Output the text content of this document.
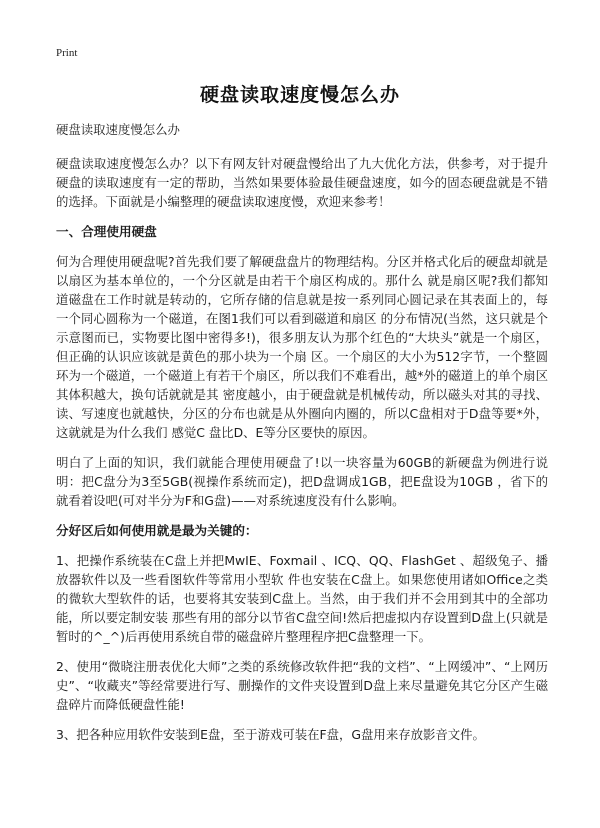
Print
硬盘读取速度慢怎么办

硬盘读取速度慢怎么办

硬盘读取速度慢怎么办？以下有网友针对硬盘慢给出了九大优化方法，供参考，对于提升硬盘的读取速度有一定的帮助，当然如果要体验最佳硬盘速度，如今的固态硬盘就是不错的选择。下面就是小编整理的硬盘读取速度慢，欢迎来参考！

一、合理使用硬盘

何为合理使用硬盘呢?首先我们要了解硬盘盘片的物理结构。分区并格式化后的硬盘却就是以扇区为基本单位的，一个分区就是由若干个扇区构成的。那什么 就是扇区呢?我们都知道磁盘在工作时就是转动的，它所存储的信息就是按一系列同心圆记录在其表面上的，每一个同心圆称为一个磁道，在图1我们可以看到磁道和扇区 的分布情况(当然，这只就是个示意图而已，实物要比图中密得多!)，很多朋友认为那个红色的“大块头”就是一个扇区，但正确的认识应该就是黄色的那小块为一个扇 区。一个扇区的大小为512字节，一个整圆环为一个磁道，一个磁道上有若干个扇区，所以我们不难看出，越*外的磁道上的单个扇区其体积越大，换句话就就是其 密度越小，由于硬盘就是机械传动，所以磁头对其的寻找、读、写速度也就越快，分区的分布也就是从外圈向内圈的，所以C盘相对于D盘等要*外，这就就是为什么我们 感觉C 盘比D、E等分区要快的原因。

明白了上面的知识，我们就能合理使用硬盘了!以一块容量为60GB的新硬盘为例进行说明：把C盘分为3至5GB(视操作系统而定)，把D盘调成1GB，把E盘设为10GB ，省下的就看着设吧(可对半分为F和G盘)——对系统速度没有什么影响。

分好区后如何使用就是最为关键的：

1、把操作系统装在C盘上并把MwIE、Foxmail 、ICQ、QQ、FlashGet 、超级兔子、播放器软件以及一些看图软件等常用小型软 件也安装在C盘上。如果您使用诸如Office之类的微软大型软件的话，也要将其安装到C盘上。当然，由于我们并不会用到其中的全部功能，所以要定制安装 那些有用的部分以节省C盘空间!然后把虚拟内存设置到D盘上(只就是暂时的^_^)后再使用系统自带的磁盘碎片整理程序把C盘整理一下。

2、使用“微晓注册表优化大师”之类的系统修改软件把“我的文档”、“上网缓冲”、“上网历史”、“收藏夹”等经常要进行写、删操作的文件夹设置到D盘上来尽量避免其它分区产生磁盘碎片而降低硬盘性能!

3、把各种应用软件安装到E盘，至于游戏可装在F盘，G盘用来存放影音文件。
